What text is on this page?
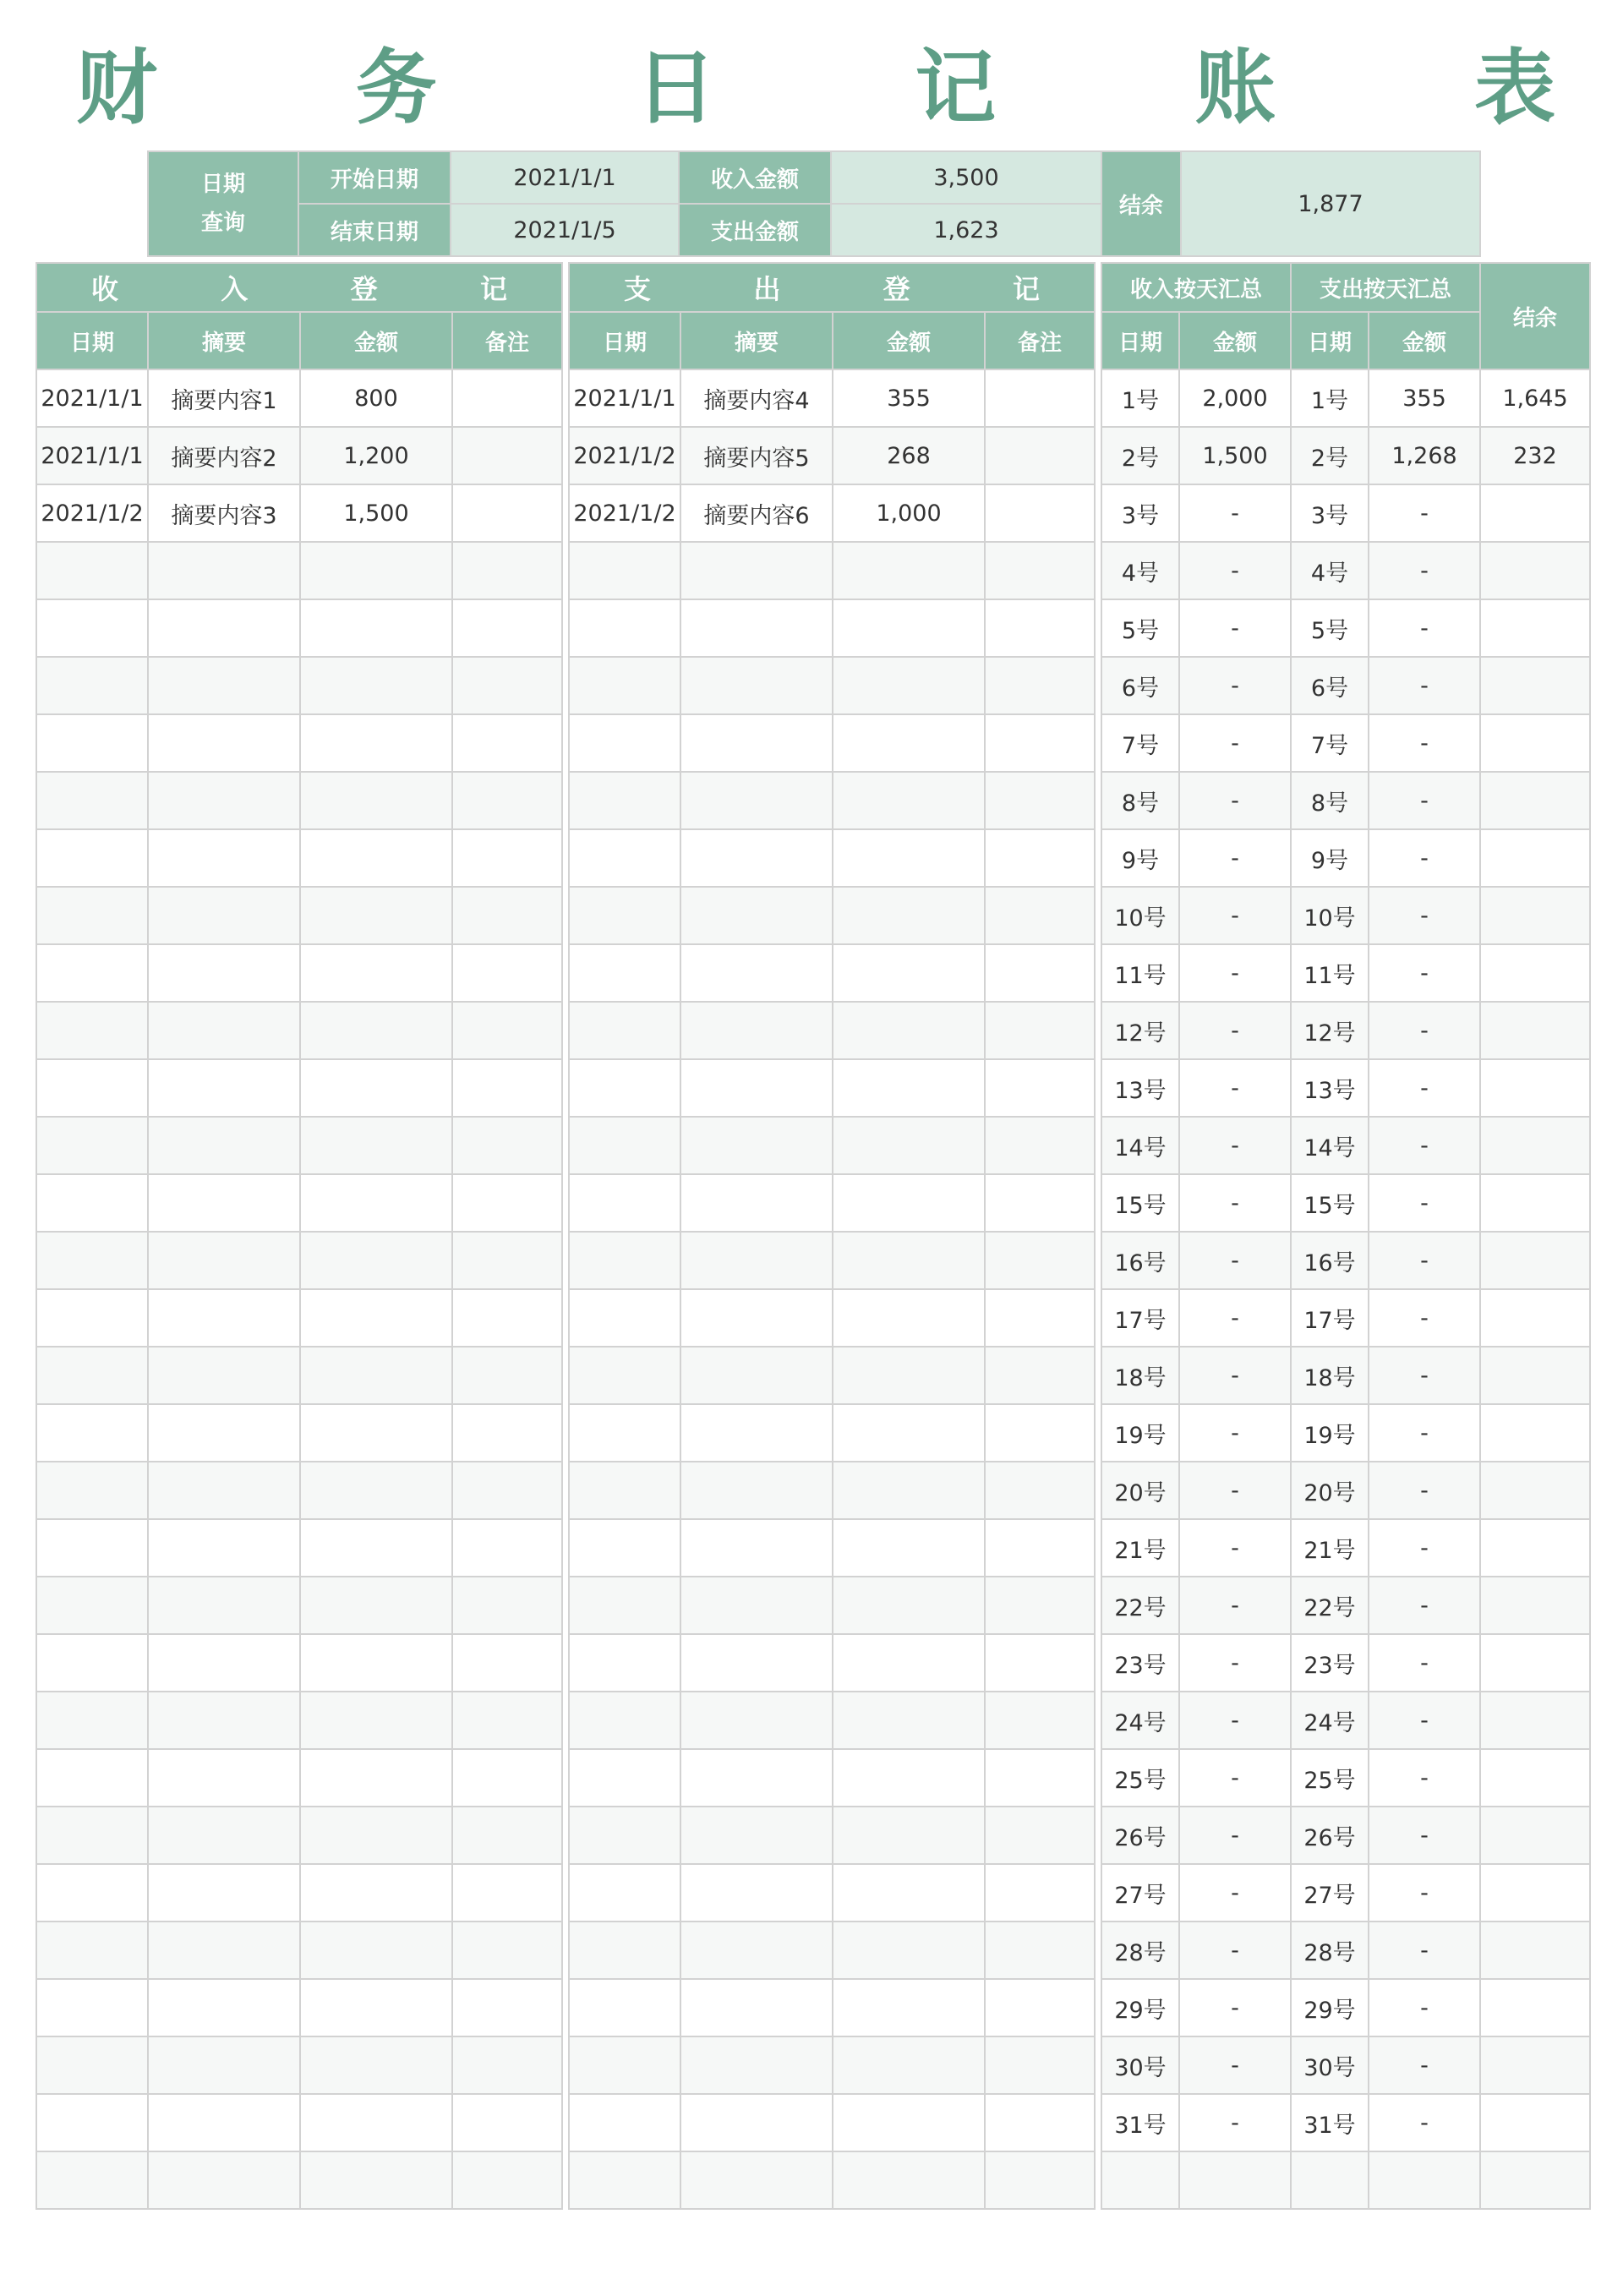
财 务 日 记 账 表
日期
查询	开始日期	2021/1/1	收入金额	3,500	结余	1,877
	结束日期	2021/1/5	支出金额	1,623		
收 入 登 记			

日期	摘要	金额	备注
2021/1/1	摘要内容1	800	
2021/1/1	摘要内容2	1,200	
2021/1/2	摘要内容3	1,500	

支 出 登 记			

日期	摘要	金额	备注
2021/1/1	摘要内容4	355	
2021/1/2	摘要内容5	268	
2021/1/2	摘要内容6	1,000	

收入按天汇总		支出按天汇总		结余
日期	金额	日期	金额	
1号	2,000	1号	355	1,645
2号	1,500	2号	1,268	232
3号	-	3号	-	
4号	-	4号	-	
5号	-	5号	-	
6号	-	6号	-	
7号	-	7号	-	
8号	-	8号	-	
9号	-	9号	-	
10号	-	10号	-	
11号	-	11号	-	
12号	-	12号	-	
13号	-	13号	-	
14号	-	14号	-	
15号	-	15号	-	
16号	-	16号	-	
17号	-	17号	-	
18号	-	18号	-	
19号	-	19号	-	
20号	-	20号	-	
21号	-	21号	-	
22号	-	22号	-	
23号	-	23号	-	
24号	-	24号	-	
25号	-	25号	-	
26号	-	26号	-	
27号	-	27号	-	
28号	-	28号	-	
29号	-	29号	-	
30号	-	30号	-	
31号	-	31号	-	
